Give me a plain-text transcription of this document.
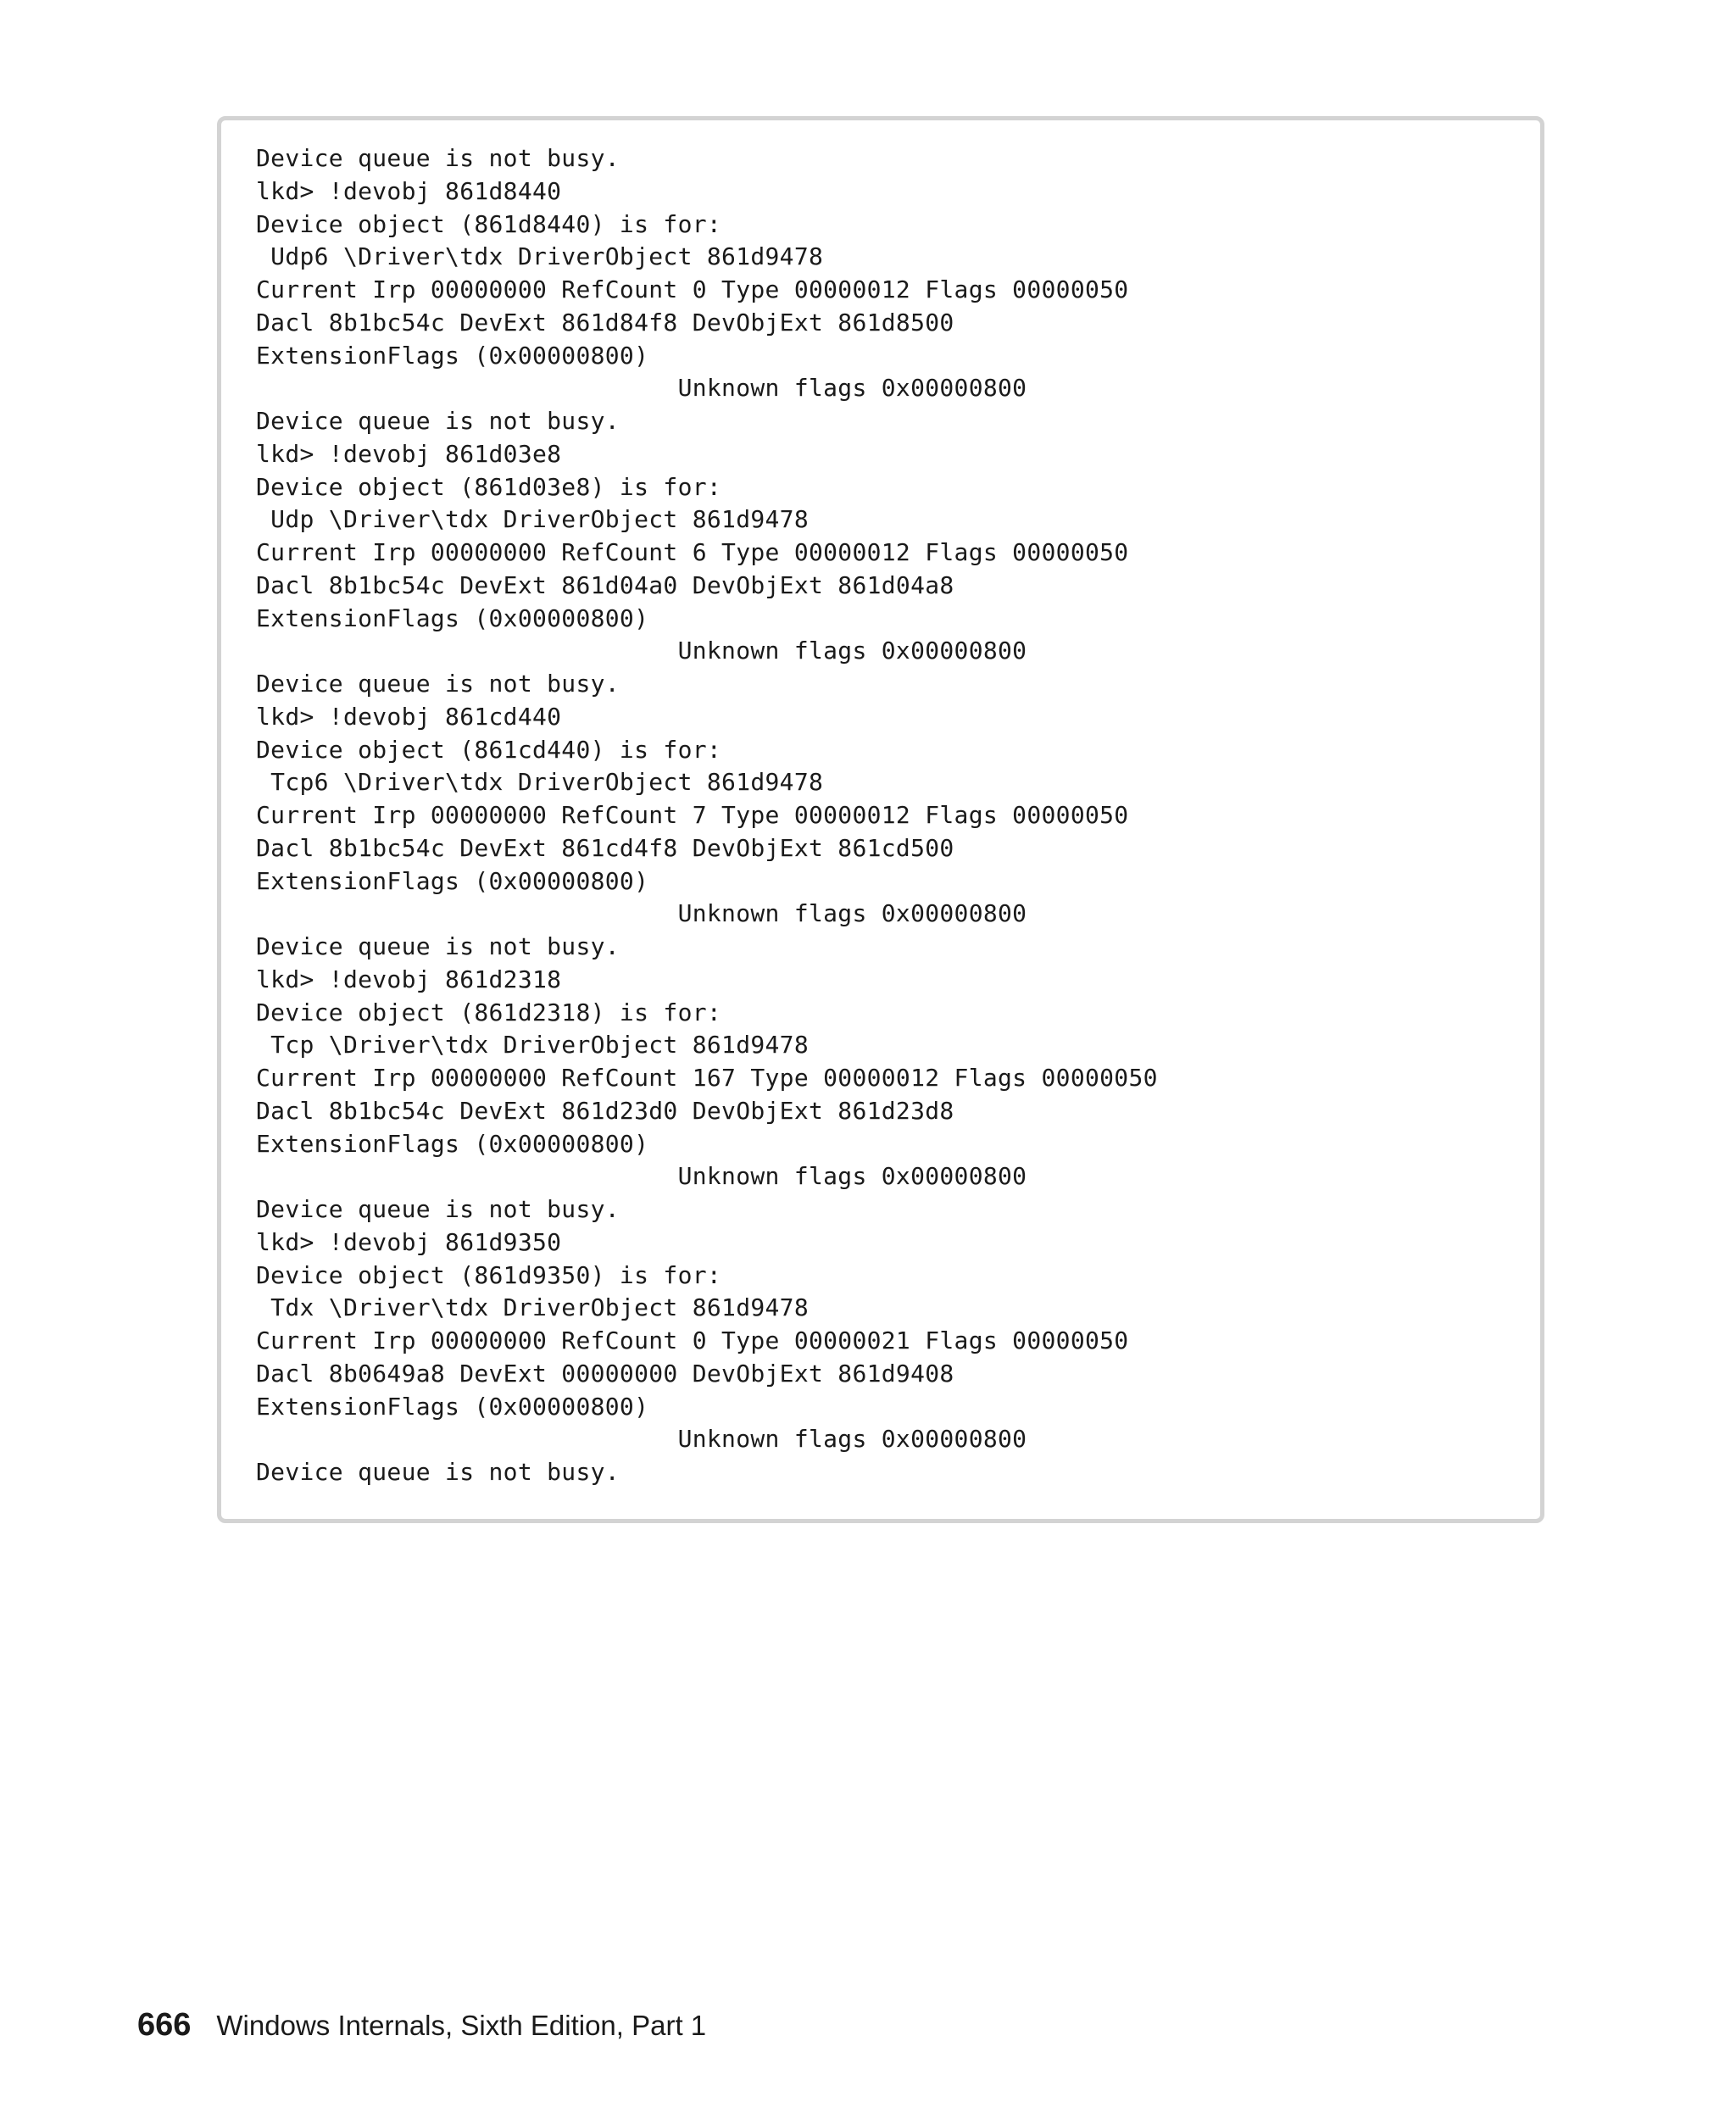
Device queue is not busy.
lkd> !devobj 861d8440
Device object (861d8440) is for:
Udp6 \Driver\tdx DriverObject 861d9478
Current Irp 00000000 RefCount 0 Type 00000012 Flags 00000050
Dacl 8b1bc54c DevExt 861d84f8 DevObjExt 861d8500
ExtensionFlags (0x00000800)
Unknown flags 0x00000800
Device queue is not busy.
lkd> !devobj 861d03e8
Device object (861d03e8) is for:
Udp \Driver\tdx DriverObject 861d9478
Current Irp 00000000 RefCount 6 Type 00000012 Flags 00000050
Dacl 8b1bc54c DevExt 861d04a0 DevObjExt 861d04a8
ExtensionFlags (0x00000800)
Unknown flags 0x00000800
Device queue is not busy.
lkd> !devobj 861cd440
Device object (861cd440) is for:
Tcp6 \Driver\tdx DriverObject 861d9478
Current Irp 00000000 RefCount 7 Type 00000012 Flags 00000050
Dacl 8b1bc54c DevExt 861cd4f8 DevObjExt 861cd500
ExtensionFlags (0x00000800)
Unknown flags 0x00000800
Device queue is not busy.
lkd> !devobj 861d2318
Device object (861d2318) is for:
Tcp \Driver\tdx DriverObject 861d9478
Current Irp 00000000 RefCount 167 Type 00000012 Flags 00000050
Dacl 8b1bc54c DevExt 861d23d0 DevObjExt 861d23d8
ExtensionFlags (0x00000800)
Unknown flags 0x00000800
Device queue is not busy.
lkd> !devobj 861d9350
Device object (861d9350) is for:
Tdx \Driver\tdx DriverObject 861d9478
Current Irp 00000000 RefCount 0 Type 00000021 Flags 00000050
Dacl 8b0649a8 DevExt 00000000 DevObjExt 861d9408
ExtensionFlags (0x00000800)
Unknown flags 0x00000800
Device queue is not busy.
666 Windows Internals, Sixth Edition, Part 1
